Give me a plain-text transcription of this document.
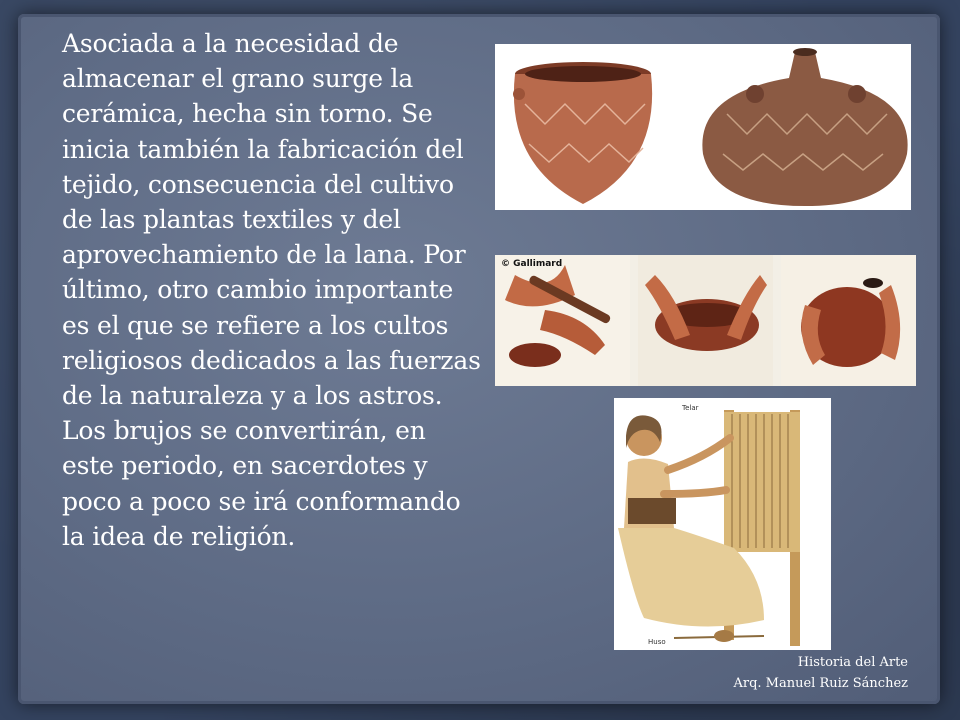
Asociada a la necesidad de almacenar el grano surge la cerámica, hecha sin torno. Se inicia también la fabricación del tejido, consecuencia del cultivo de las plantas textiles y del aprovechamiento de la lana. Por último, otro cambio importante es el que se refiere a los cultos religiosos dedicados a las fuerzas de la naturaleza y a los astros. Los brujos se convertirán, en este periodo, en sacerdotes y poco a poco se irá conformando la idea de religión.

© Gallimard
Telar
Huso
Historia del Arte
Arq. Manuel Ruiz Sánchez
